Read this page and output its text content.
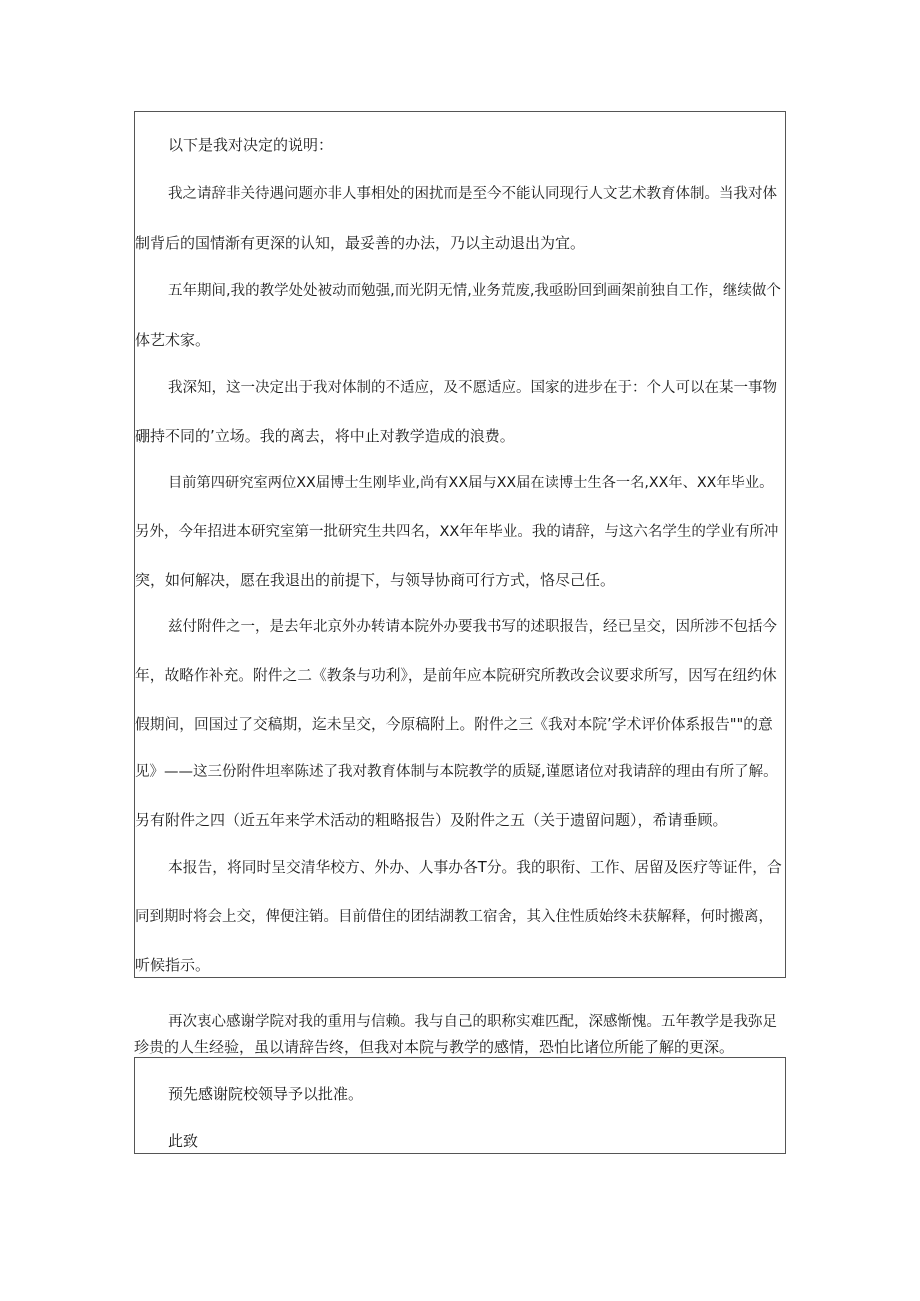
以下是我对决定的说明：
我之请辞非关待遇问题亦非人事相处的困扰而是至今不能认同现行人文艺术教育体制。当我对体
制背后的国情渐有更深的认知，最妥善的办法，乃以主动退出为宜。
五年期间,我的教学处处被动而勉强,而光阴无情,业务荒废,我亟盼回到画架前独自工作，继续做个
体艺术家。
我深知，这一决定出于我对体制的不适应，及不愿适应。国家的进步在于：个人可以在某一事物
硼持不同的’立场。我的离去，将中止对教学造成的浪费。
目前第四研究室两位XX届博士生刚毕业,尚有XX届与XX届在读博士生各一名,XX年、XX年毕业。
另外，今年招进本研究室第一批研究生共四名，XX年年毕业。我的请辞，与这六名学生的学业有所冲
突，如何解决，愿在我退出的前提下，与领导协商可行方式，恪尽己任。
兹付附件之一，是去年北京外办转请本院外办要我书写的述职报告，经已呈交，因所涉不包括今
年，故略作补充。附件之二《教条与功利》，是前年应本院研究所教改会议要求所写，因写在纽约休
假期间，回国过了交稿期，迄未呈交，今原稿附上。附件之三《我对本院’学术评价体系报告""的意
见》——这三份附件坦率陈述了我对教育体制与本院教学的质疑,谨愿诸位对我请辞的理由有所了解。
另有附件之四（近五年来学术活动的粗略报告）及附件之五（关于遗留问题），希请垂顾。
本报告，将同时呈交清华校方、外办、人事办各T分。我的职衔、工作、居留及医疗等证件，合
同到期时将会上交，俾便注销。目前借住的团结湖教工宿舍，其入住性质始终未获解释，何时搬离，
听候指示。
再次衷心感谢学院对我的重用与信赖。我与自己的职称实难匹配，深感惭愧。五年教学是我弥足
珍贵的人生经验，虽以请辞告终，但我对本院与教学的感情，恐怕比诸位所能了解的更深。
预先感谢院校领导予以批准。
此致
